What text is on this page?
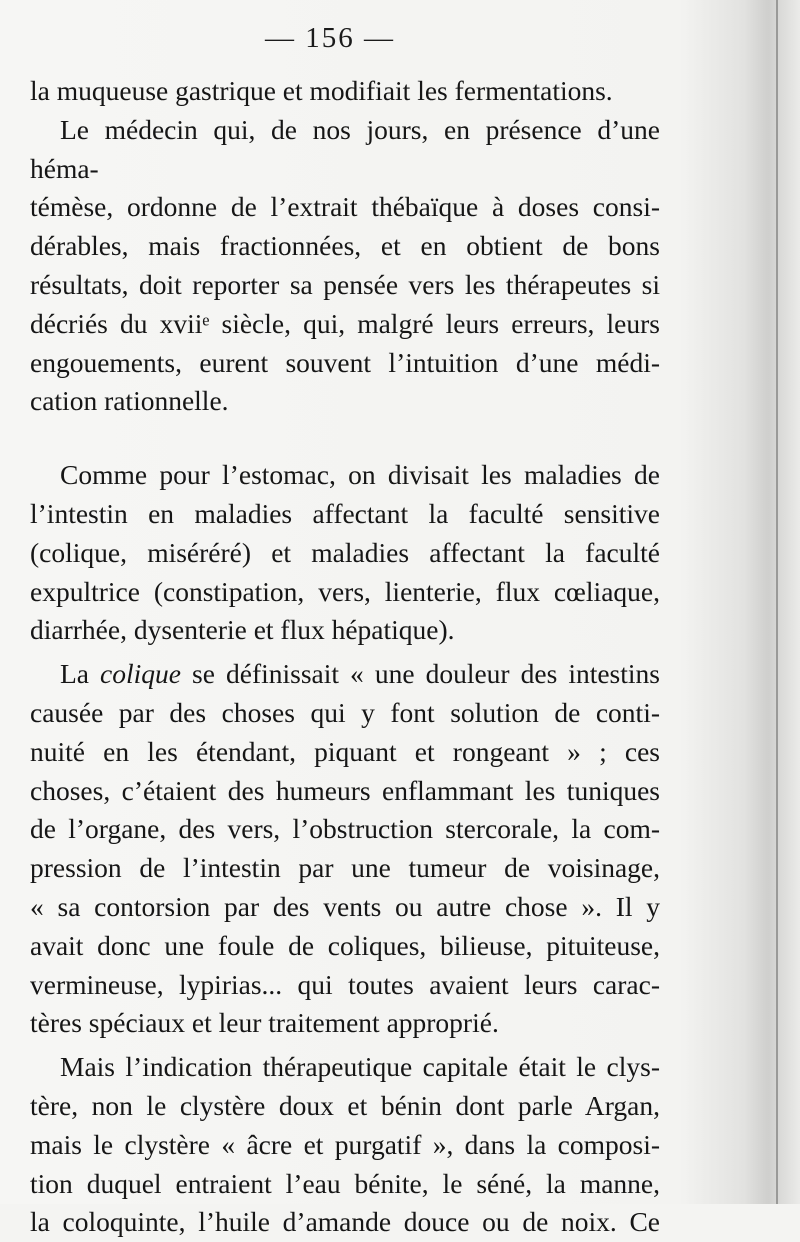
— 156 —

la muqueuse gastrique et modifiait les fermentations.

Le médecin qui, de nos jours, en présence d’une héma-

témèse, ordonne de l’extrait thébaïque à doses consi-

dérables, mais fractionnées, et en obtient de bons

résultats, doit reporter sa pensée vers les thérapeutes si

décriés du xviiᵉ siècle, qui, malgré leurs erreurs, leurs

engouements, eurent souvent l’intuition d’une médi-

cation rationnelle.

Comme pour l’estomac, on divisait les maladies de

l’intestin en maladies affectant la faculté sensitive

(colique, miséréré) et maladies affectant la faculté

expultrice (constipation, vers, lienterie, flux cœliaque,

diarrhée, dysenterie et flux hépatique).

La colique se définissait « une douleur des intestins

causée par des choses qui y font solution de conti-

nuité en les étendant, piquant et rongeant » ; ces

choses, c’étaient des humeurs enflammant les tuniques

de l’organe, des vers, l’obstruction stercorale, la com-

pression de l’intestin par une tumeur de voisinage,

« sa contorsion par des vents ou autre chose ». Il y

avait donc une foule de coliques, bilieuse, pituiteuse,

vermineuse, lypirias... qui toutes avaient leurs carac-

tères spéciaux et leur traitement approprié.

Mais l’indication thérapeutique capitale était le clys-

tère, non le clystère doux et bénin dont parle Argan,

mais le clystère « âcre et purgatif », dans la composi-

tion duquel entraient l’eau bénite, le séné, la manne,

la coloquinte, l’huile d’amande douce ou de noix. Ce
